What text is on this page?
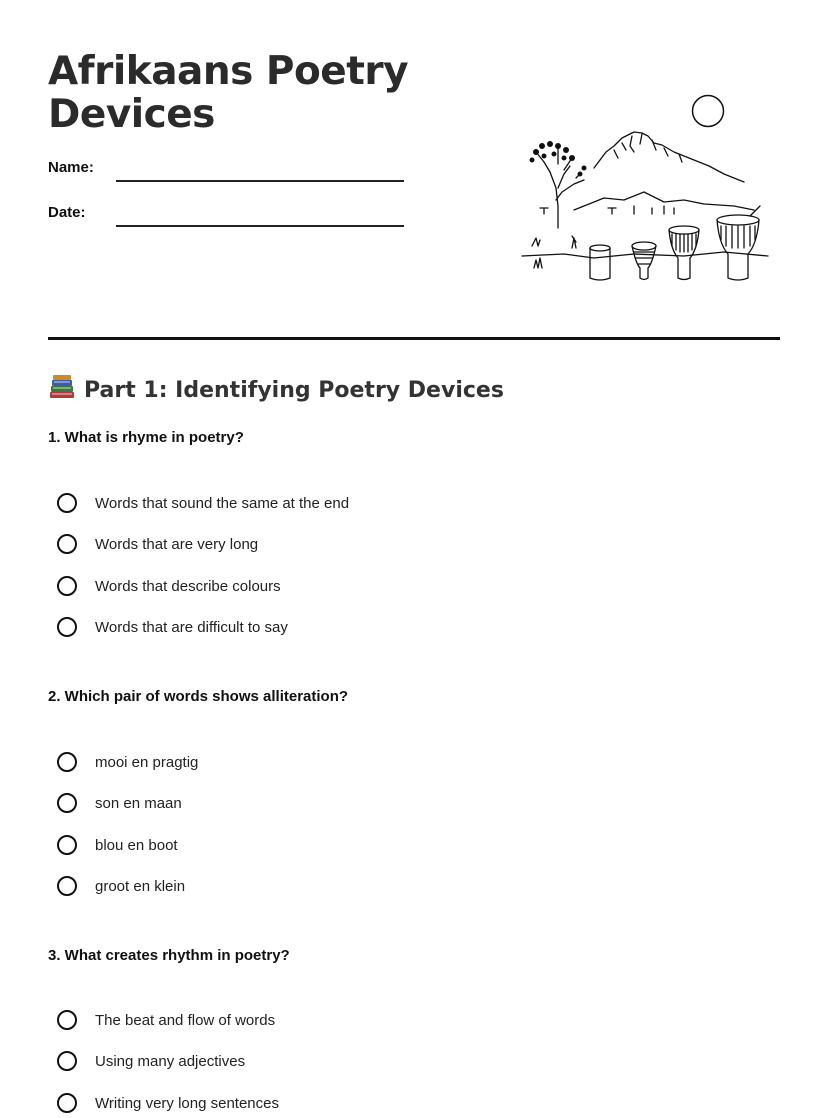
Afrikaans Poetry
Devices
Name:
Date:
Part 1: Identifying Poetry Devices
1. What is rhyme in poetry?
Words that sound the same at the end
Words that are very long
Words that describe colours
Words that are difficult to say
2. Which pair of words shows alliteration?
mooi en pragtig
son en maan
blou en boot
groot en klein
3. What creates rhythm in poetry?
The beat and flow of words
Using many adjectives
Writing very long sentences
